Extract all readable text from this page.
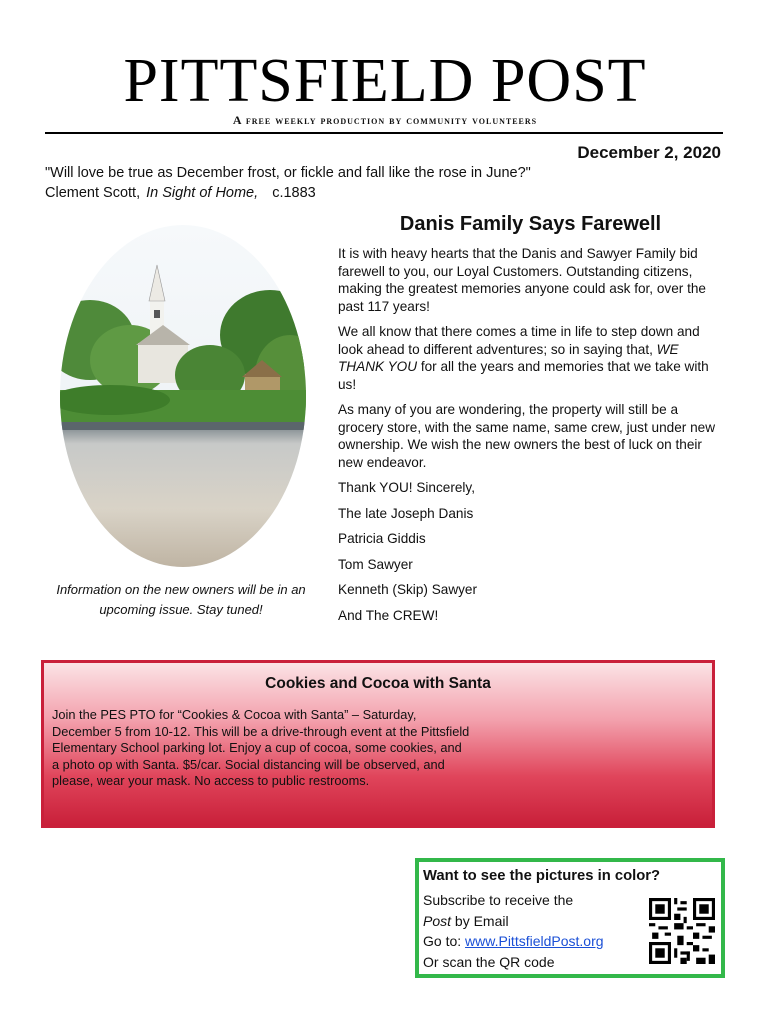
PITTSFIELD POST
A free weekly production by community volunteers
December 2, 2020
"Will love be true as December frost, or fickle and fall like the rose in June?"
Clement Scott, In Sight of Home, c.1883
Information on the new owners will be in an upcoming issue. Stay tuned!
Danis Family Says Farewell

It is with heavy hearts that the Danis and Sawyer Family bid farewell to you, our Loyal Customers. Outstanding citizens, making the greatest memories anyone could ask for, over the past 117 years!

We all know that there comes a time in life to step down and look ahead to different adventures; so in saying that, WE THANK YOU for all the years and memories that we take with us!

As many of you are wondering, the property will still be a grocery store, with the same name, same crew, just under new ownership. We wish the new owners the best of luck on their new endeavor.

Thank YOU! Sincerely,
The late Joseph Danis
Patricia Giddis
Tom Sawyer
Kenneth (Skip) Sawyer
And The CREW!
Cookies and Cocoa with Santa
Join the PES PTO for “Cookies & Cocoa with Santa” – Saturday, December 5 from 10-12. This will be a drive-through event at the Pittsfield Elementary School parking lot. Enjoy a cup of cocoa, some cookies, and a photo op with Santa. $5/car. Social distancing will be observed, and please, wear your mask. No access to public restrooms.
Want to see the pictures in color?
Subscribe to receive the
Post by Email
Go to: www.PittsfieldPost.org
Or scan the QR code
